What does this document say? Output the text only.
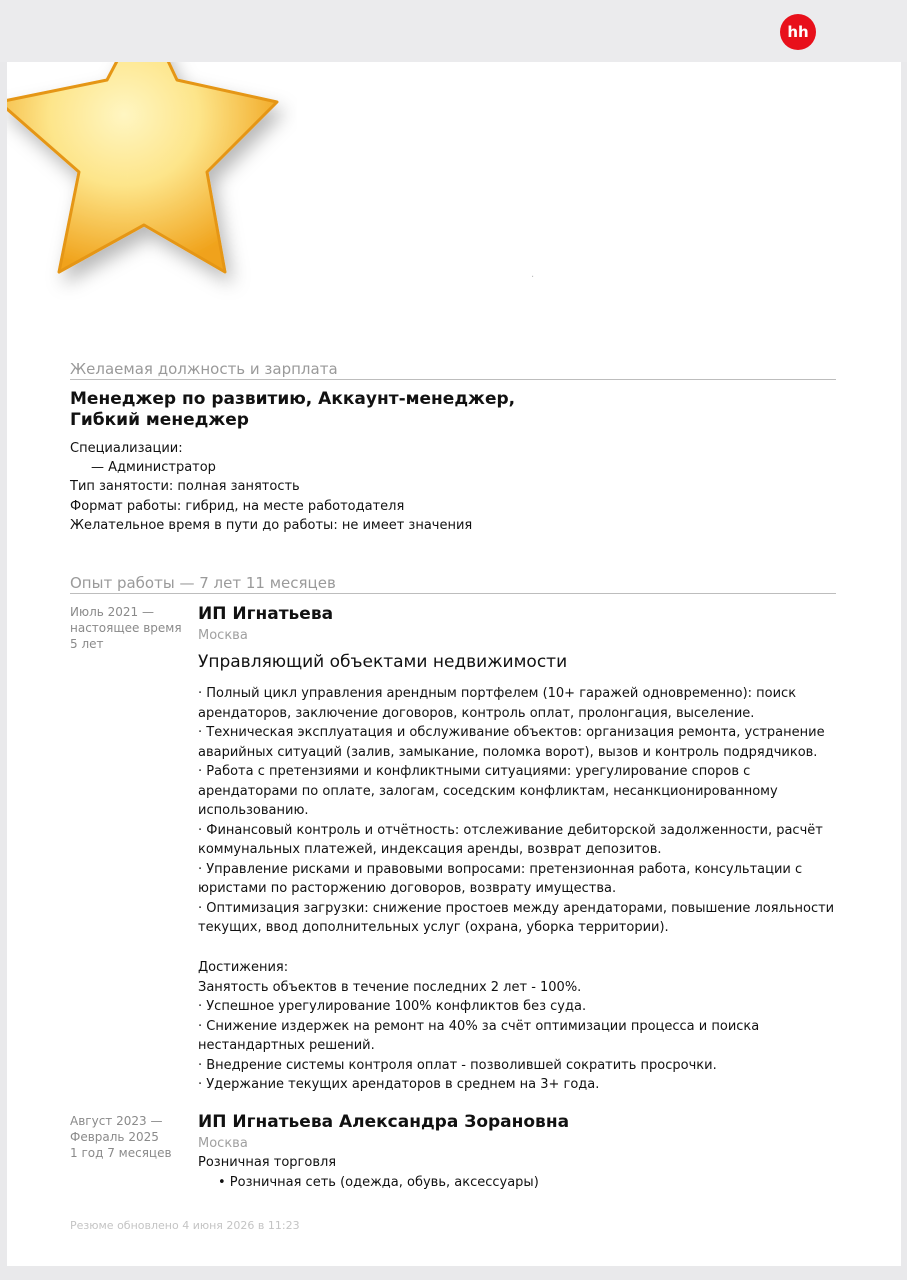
hh
·
Желаемая должность и зарплата
Менеджер по развитию, Аккаунт-менеджер, Гибкий менеджер
Специализации:
— Администратор
Тип занятости: полная занятость
Формат работы: гибрид, на месте работодателя
Желательное время в пути до работы: не имеет значения
Опыт работы — 7 лет 11 месяцев
Июль 2021 —
настоящее время
5 лет
ИП Игнатьева
Москва
Управляющий объектами недвижимости
· Полный цикл управления арендным портфелем (10+ гаражей одновременно): поиск арендаторов, заключение договоров, контроль оплат, пролонгация, выселение.
· Техническая эксплуатация и обслуживание объектов: организация ремонта, устранение аварийных ситуаций (залив, замыкание, поломка ворот), вызов и контроль подрядчиков.
· Работа с претензиями и конфликтными ситуациями: урегулирование споров с арендаторами по оплате, залогам, соседским конфликтам, несанкционированному использованию.
· Финансовый контроль и отчётность: отслеживание дебиторской задолженности, расчёт коммунальных платежей, индексация аренды, возврат депозитов.
· Управление рисками и правовыми вопросами: претензионная работа, консультации с юристами по расторжению договоров, возврату имущества.
· Оптимизация загрузки: снижение простоев между арендаторами, повышение лояльности текущих, ввод дополнительных услуг (охрана, уборка территории).
Достижения:
Занятость объектов в течение последних 2 лет - 100%.
· Успешное урегулирование 100% конфликтов без суда.
· Снижение издержек на ремонт на 40% за счёт оптимизации процесса и поиска нестандартных решений.
· Внедрение системы контроля оплат - позволившей сократить просрочки.
· Удержание текущих арендаторов в среднем на 3+ года.
Август 2023 —
Февраль 2025
1 год 7 месяцев
ИП Игнатьева Александра Зорановна
Москва
Розничная торговля
• Розничная сеть (одежда, обувь, аксессуары)
Резюме обновлено 4 июня 2026 в 11:23
